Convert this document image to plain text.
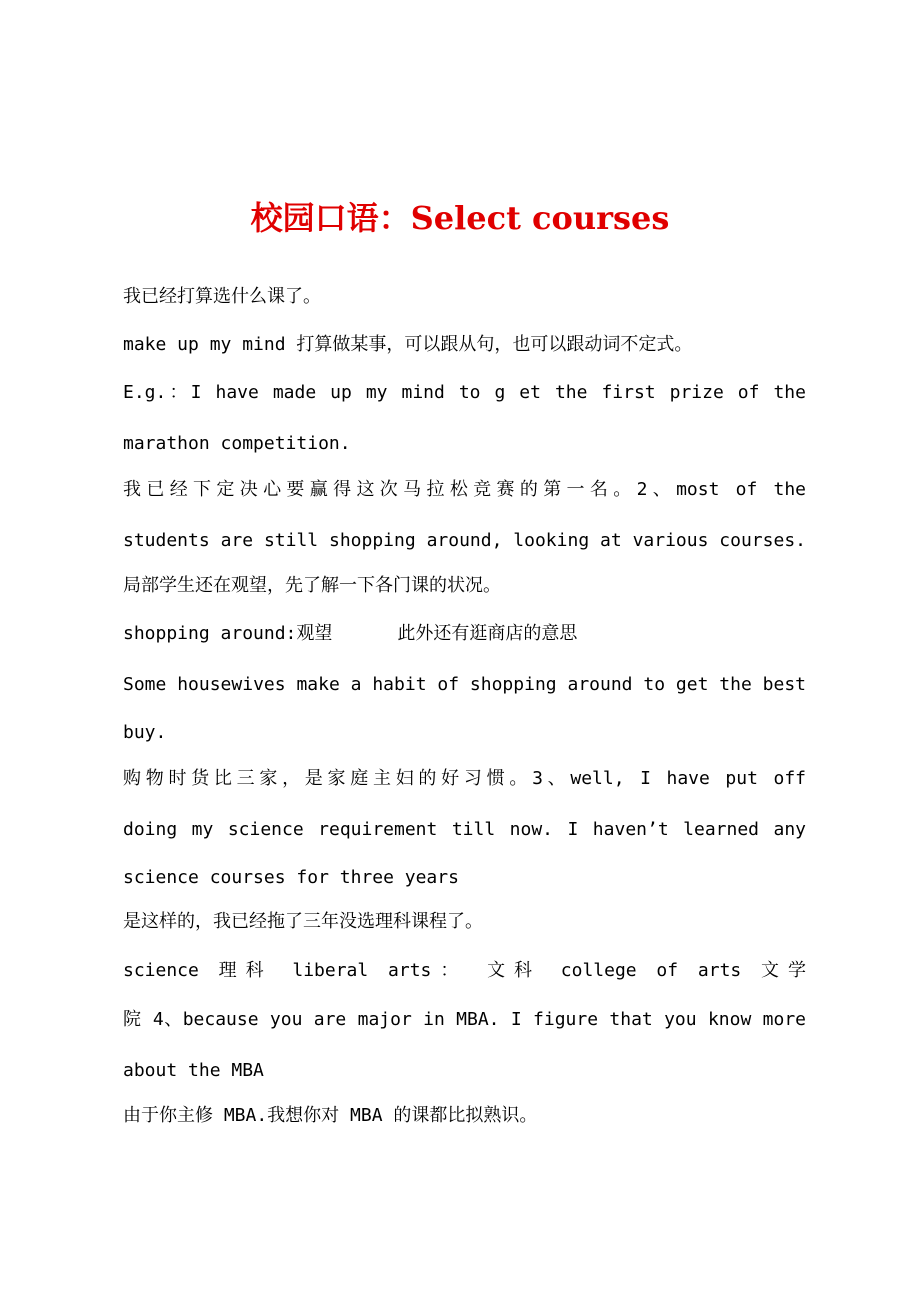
校园口语：Select courses
我已经打算选什么课了。
make up my mind 打算做某事，可以跟从句，也可以跟动词不定式。
E.g.：I have made up my mind to g et the first prize of the
marathon competition.
我已经下定决心要赢得这次马拉松竞赛的第一名。2、most of the
students are still shopping around, looking at various courses.
局部学生还在观望，先了解一下各门课的状况。
shopping around:观望      此外还有逛商店的意思
Some housewives make a habit of shopping around to get the best
buy.
购物时货比三家，是家庭主妇的好习惯。3、well, I have put off
doing my science requirement till now. I haven’t learned any
science courses for three years
是这样的，我已经拖了三年没选理科课程了。
science 理科 liberal arts： 文科 college of arts 文学
院 4、because you are major in MBA. I figure that you know more
about the MBA
由于你主修 MBA.我想你对 MBA 的课都比拟熟识。
